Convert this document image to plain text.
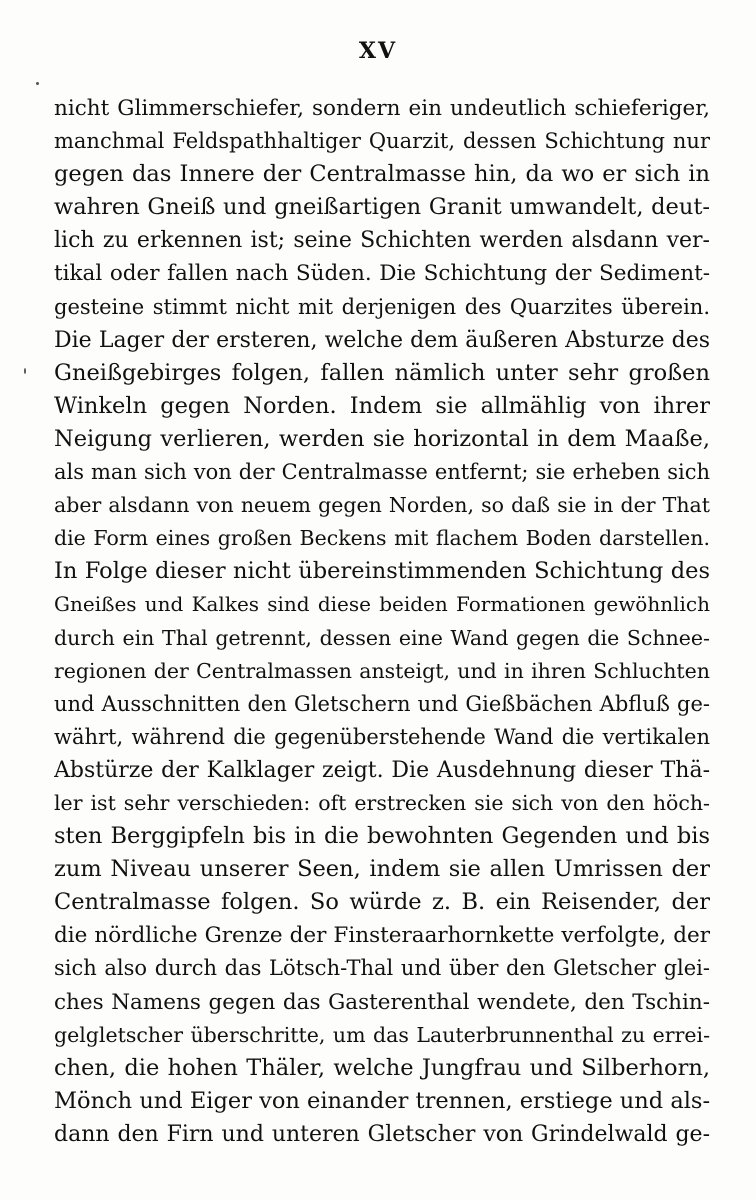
XV
nicht Glimmerschiefer, sondern ein undeutlich schieferiger,
manchmal Feldspathhaltiger Quarzit, dessen Schichtung nur
gegen das Innere der Centralmasse hin, da wo er sich in
wahren Gneiß und gneißartigen Granit umwandelt, deut-
lich zu erkennen ist; seine Schichten werden alsdann ver-
tikal oder fallen nach Süden. Die Schichtung der Sediment-
gesteine stimmt nicht mit derjenigen des Quarzites überein.
Die Lager der ersteren, welche dem äußeren Absturze des
Gneißgebirges folgen, fallen nämlich unter sehr großen
Winkeln gegen Norden. Indem sie allmählig von ihrer
Neigung verlieren, werden sie horizontal in dem Maaße,
als man sich von der Centralmasse entfernt; sie erheben sich
aber alsdann von neuem gegen Norden, so daß sie in der That
die Form eines großen Beckens mit flachem Boden darstellen.
In Folge dieser nicht übereinstimmenden Schichtung des
Gneißes und Kalkes sind diese beiden Formationen gewöhnlich
durch ein Thal getrennt, dessen eine Wand gegen die Schnee-
regionen der Centralmassen ansteigt, und in ihren Schluchten
und Ausschnitten den Gletschern und Gießbächen Abfluß ge-
währt, während die gegenüberstehende Wand die vertikalen
Abstürze der Kalklager zeigt. Die Ausdehnung dieser Thä-
ler ist sehr verschieden: oft erstrecken sie sich von den höch-
sten Berggipfeln bis in die bewohnten Gegenden und bis
zum Niveau unserer Seen, indem sie allen Umrissen der
Centralmasse folgen. So würde z. B. ein Reisender, der
die nördliche Grenze der Finsteraarhornkette verfolgte, der
sich also durch das Lötsch-Thal und über den Gletscher glei-
ches Namens gegen das Gasterenthal wendete, den Tschin-
gelgletscher überschritte, um das Lauterbrunnenthal zu errei-
chen, die hohen Thäler, welche Jungfrau und Silberhorn,
Mönch und Eiger von einander trennen, erstiege und als-
dann den Firn und unteren Gletscher von Grindelwald ge-
